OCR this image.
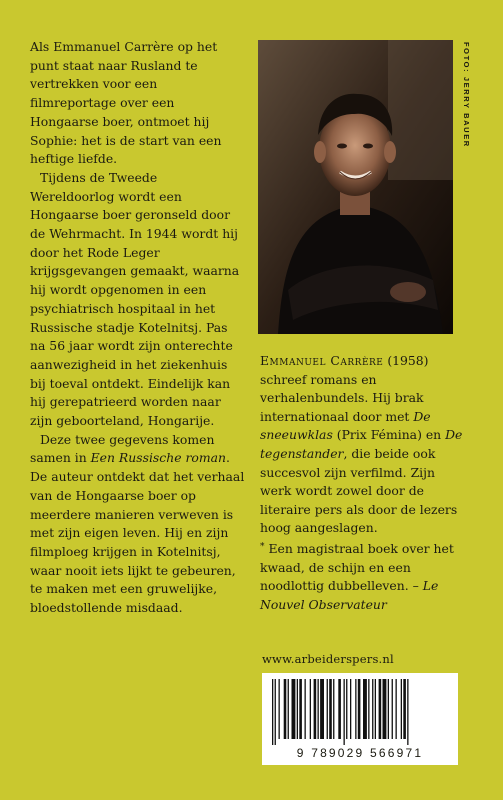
Als Emmanuel Carrère op het punt staat naar Rusland te vertrekken voor een filmreportage over een Hongaarse boer, ontmoet hij Sophie: het is de start van een heftige liefde.

Tijdens de Tweede Wereldoorlog wordt een Hongaarse boer geronseld door de Wehrmacht. In 1944 wordt hij door het Rode Leger krijgsgevangen gemaakt, waarna hij wordt opgenomen in een psychiatrisch hospitaal in het Russische stadje Kotelnitsj. Pas na 56 jaar wordt zijn onterechte aanwezigheid in het ziekenhuis bij toeval ontdekt. Eindelijk kan hij gerepatrieerd worden naar zijn geboorteland, Hongarije.

Deze twee gegevens komen samen in Een Russische roman. De auteur ontdekt dat het verhaal van de Hongaarse boer op meerdere manieren verweven is met zijn eigen leven. Hij en zijn filmploeg krijgen in Kotelnitsj, waar nooit iets lijkt te gebeuren, te maken met een gruwelijke, bloedstollende misdaad.

FOTO: JERRY BAUER
Emmanuel Carrère (1958) schreef romans en verhalenbundels. Hij brak internationaal door met De sneeuwklas (Prix Fémina) en De tegenstander, die beide ook succesvol zijn verfilmd. Zijn werk wordt zowel door de literaire pers als door de lezers hoog aangeslagen.
* Een magistraal boek over het kwaad, de schijn en een noodlottig dubbelleven. – Le Nouvel Observateur
www.arbeiderspers.nl
9 789029 566971
